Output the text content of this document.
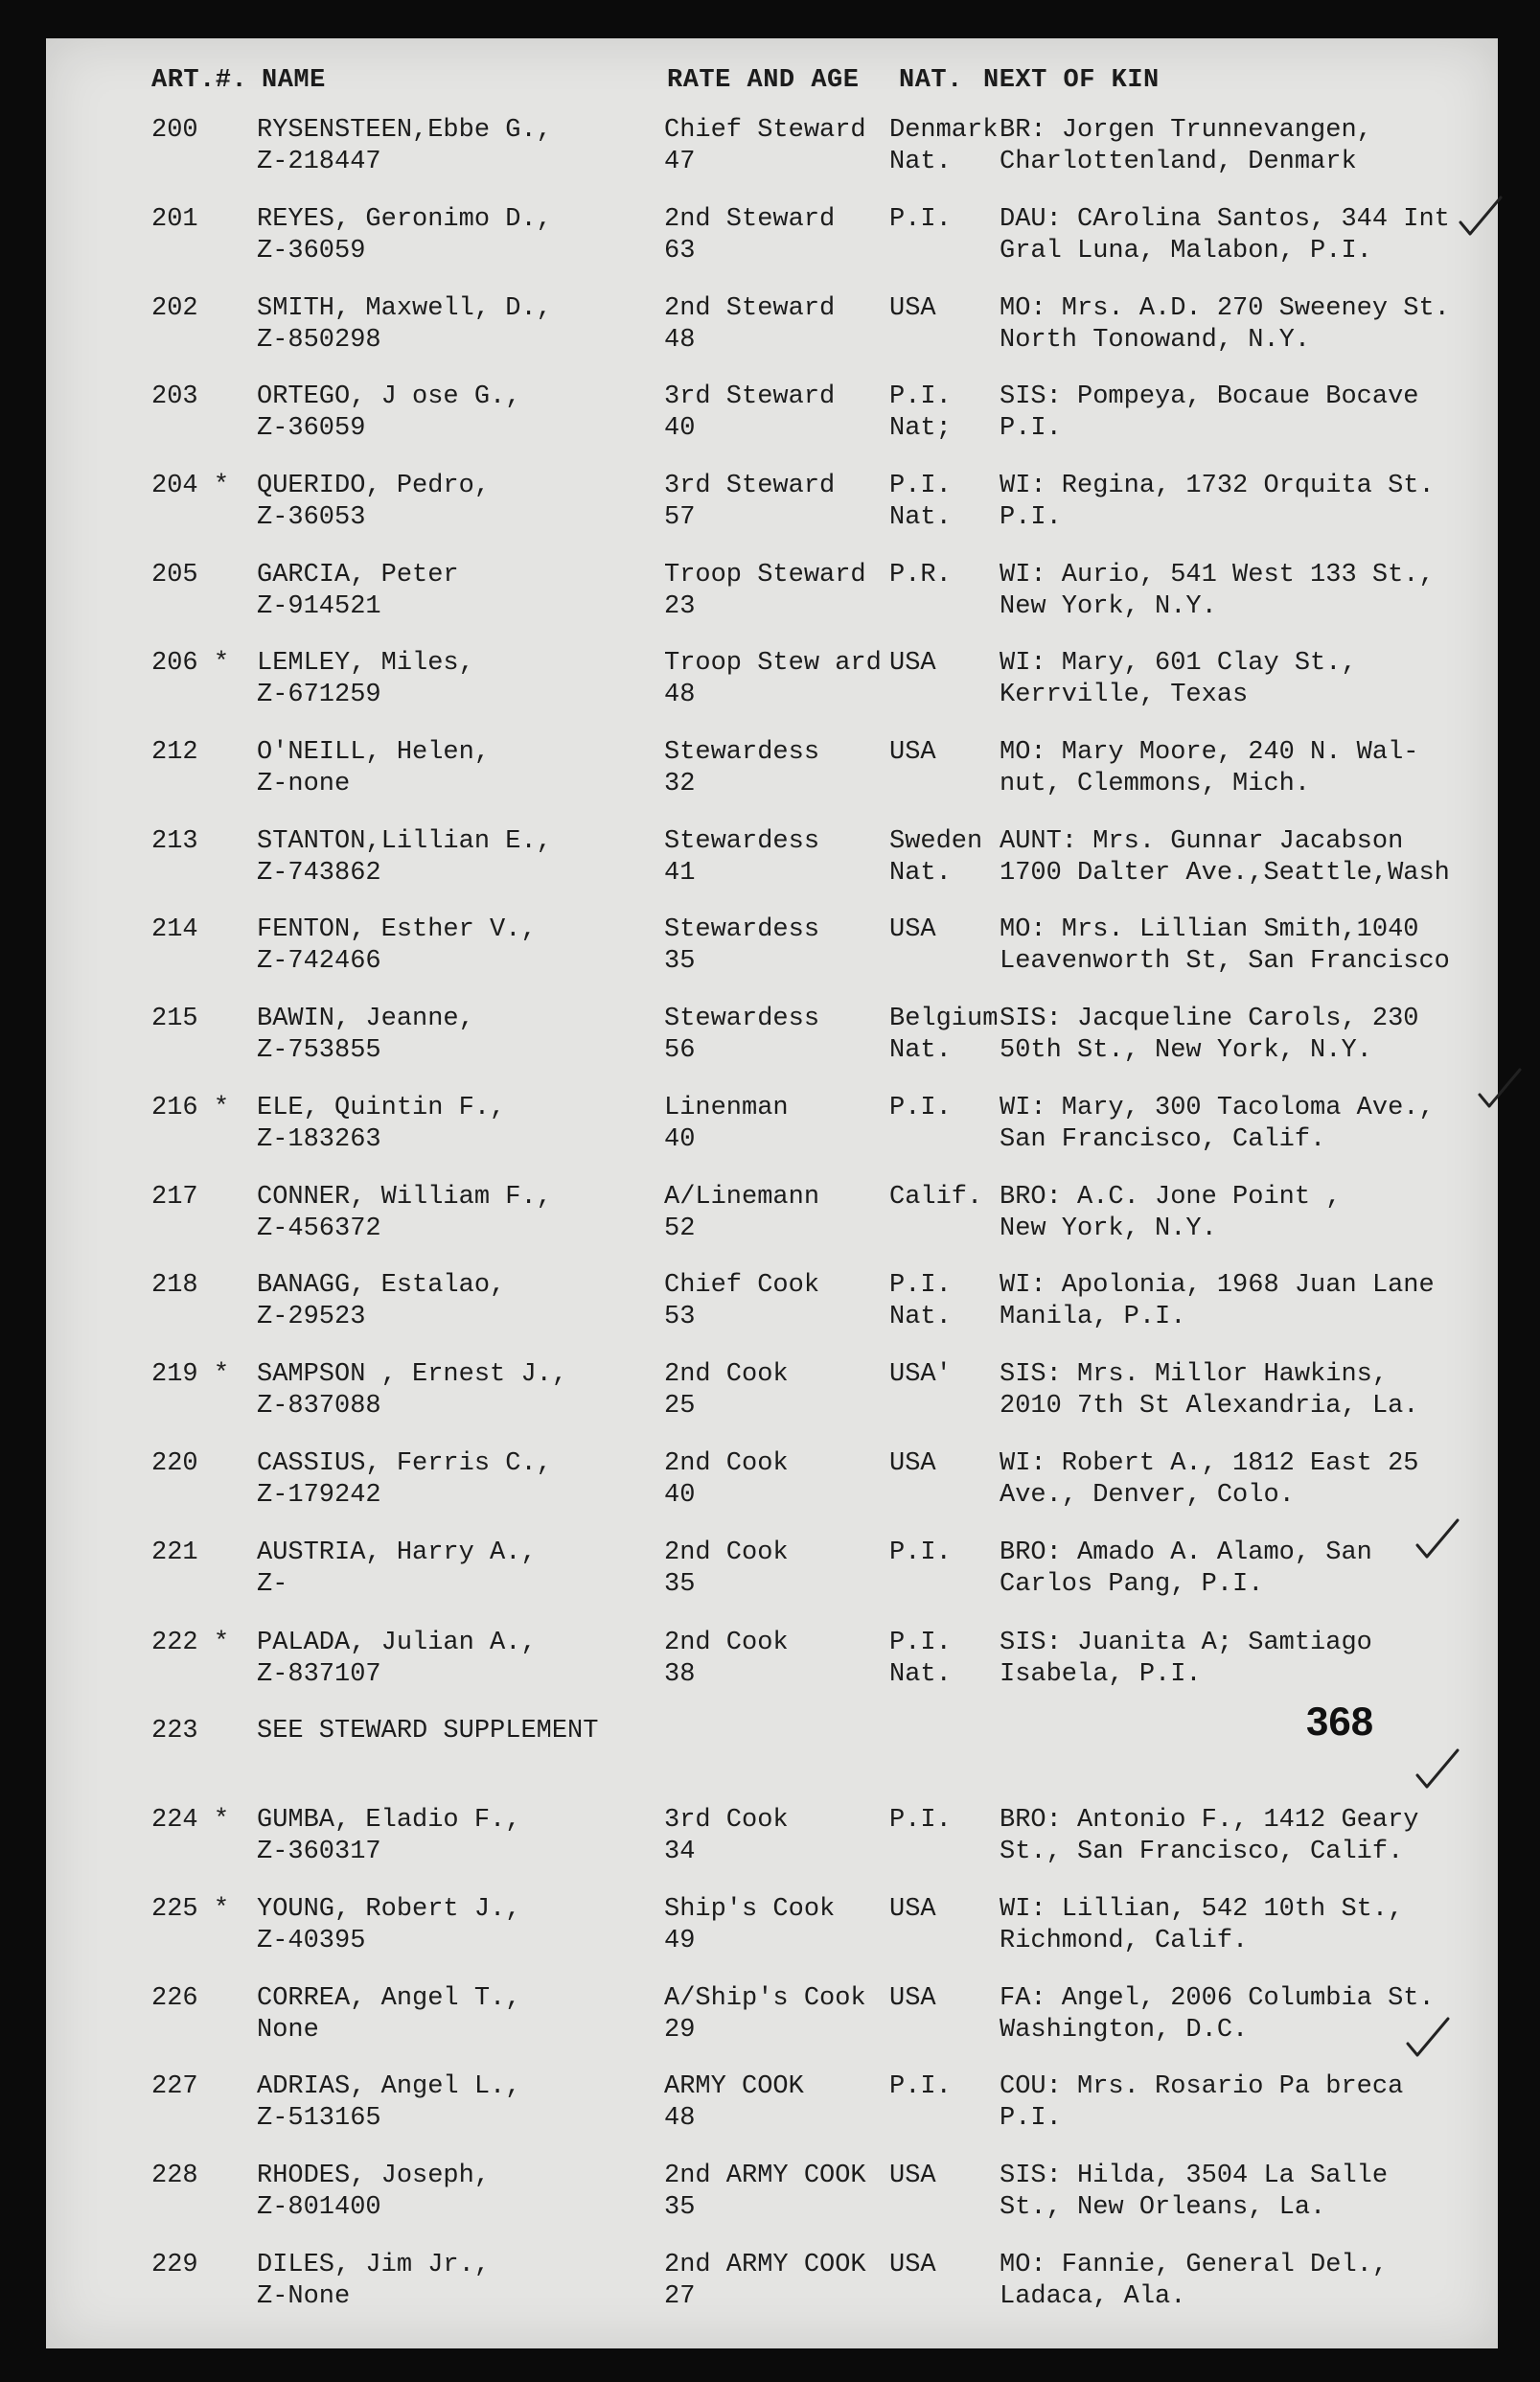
ART.#. NAME	RATE AND AGE NAT. NEXT OF KIN
200 RYSENSTEEN,Ebbe G.,
Z-218447
Chief Steward
47
Denmark
Nat.
BR: Jorgen Trunnevangen,
Charlottenland, Denmark
201 REYES, Geronimo D.,
Z-36059
2nd Steward
63
P.I. DAU: CArolina Santos, 344 Int
Gral Luna, Malabon, P.I.
202 SMITH, Maxwell, D.,
Z-850298
2nd Steward
48
USA MO: Mrs. A.D. 270 Sweeney St.
North Tonowand, N.Y.
203 ORTEGO, J ose G.,
Z-36059
3rd Steward
40
P.I.
Nat;
SIS: Pompeya, Bocaue Bocave
P.I.
204 * QUERIDO, Pedro,
Z-36053
3rd Steward
57
P.I.
Nat.
WI: Regina, 1732 Orquita St.
P.I.
205 GARCIA, Peter
Z-914521
Troop Steward
23
P.R. WI: Aurio, 541 West 133 St.,
New York, N.Y.
206 * LEMLEY, Miles,
Z-671259
Troop Stew ard
48
USA WI: Mary, 601 Clay St.,
Kerrville, Texas
212 O'NEILL, Helen,
Z-none
Stewardess
32
USA MO: Mary Moore, 240 N. Wal-
nut, Clemmons, Mich.
213 STANTON,Lillian E.,
Z-743862
Stewardess
41
Sweden
Nat.
AUNT: Mrs. Gunnar Jacabson
1700 Dalter Ave.,Seattle,Wash
214 FENTON, Esther V.,
Z-742466
Stewardess
35
USA MO: Mrs. Lillian Smith,1040
Leavenworth St, San Francisco
215 BAWIN, Jeanne,
Z-753855
Stewardess
56
Belgium
Nat.
SIS: Jacqueline Carols, 230
50th St., New York, N.Y.
216 * ELE, Quintin F.,
Z-183263
Linenman
40
P.I. WI: Mary, 300 Tacoloma Ave.,
San Francisco, Calif.
217 CONNER, William F.,
Z-456372
A/Linemann
52
Calif. BRO: A.C. Jone Point ,
New York, N.Y.
218 BANAGG, Estalao,
Z-29523
Chief Cook
53
P.I.
Nat.
WI: Apolonia, 1968 Juan Lane
Manila, P.I.
219 * SAMPSON , Ernest J.,
Z-837088
2nd Cook
25
USA' SIS: Mrs. Millor Hawkins,
2010 7th St Alexandria, La.
220 CASSIUS, Ferris C.,
Z-179242
2nd Cook
40
USA WI: Robert A., 1812 East 25
Ave., Denver, Colo.
221 AUSTRIA, Harry A.,
Z-
2nd Cook
35
P.I. BRO: Amado A. Alamo, San
Carlos Pang, P.I.
222 * PALADA, Julian A.,
Z-837107
2nd Cook
38
P.I.
Nat.
SIS: Juanita A; Samtiago
Isabela, P.I.
224 * GUMBA, Eladio F.,
Z-360317
3rd Cook
34
P.I. BRO: Antonio F., 1412 Geary
St., San Francisco, Calif.
225 * YOUNG, Robert J.,
Z-40395
Ship's Cook
49
USA WI: Lillian, 542 10th St.,
Richmond, Calif.
226 CORREA, Angel T.,
None
A/Ship's Cook
29
USA FA: Angel, 2006 Columbia St.
Washington, D.C.
227 ADRIAS, Angel L.,
Z-513165
ARMY COOK
48
P.I. COU: Mrs. Rosario Pa breca
P.I.
228 RHODES, Joseph,
Z-801400
2nd ARMY COOK
35
USA SIS: Hilda, 3504 La Salle
St., New Orleans, La.
229 DILES, Jim Jr.,
Z-None
2nd ARMY COOK
27
USA MO: Fannie, General Del.,
Ladaca, Ala.
223 SEE STEWARD SUPPLEMENT	368
